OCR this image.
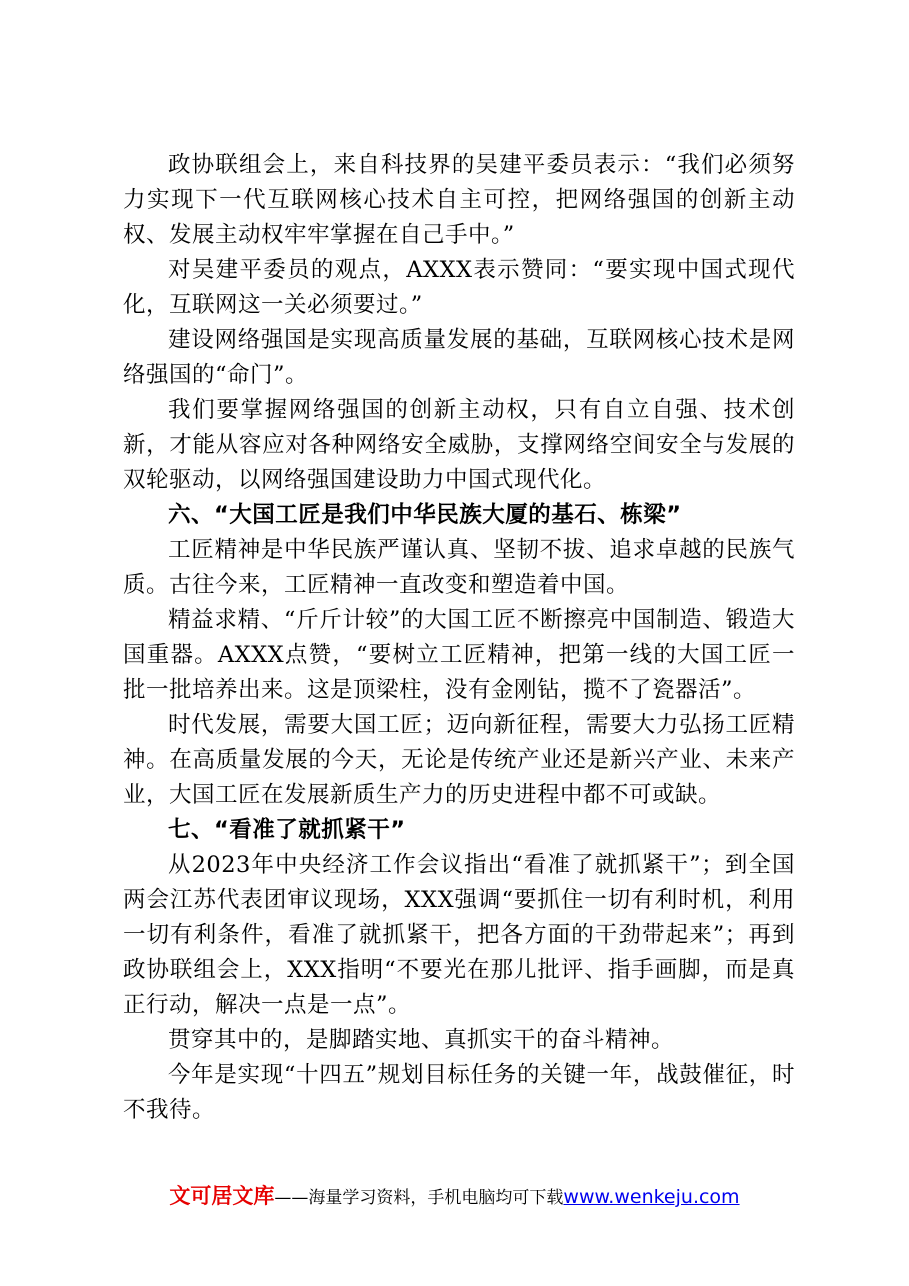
政协联组会上，来自科技界的吴建平委员表示：“我们必须努力实现下一代互联网核心技术自主可控，把网络强国的创新主动权、发展主动权牢牢掌握在自己手中。”

对吴建平委员的观点，AXXX表示赞同：“要实现中国式现代化，互联网这一关必须要过。”

建设网络强国是实现高质量发展的基础，互联网核心技术是网络强国的“命门”。

我们要掌握网络强国的创新主动权，只有自立自强、技术创新，才能从容应对各种网络安全威胁，支撑网络空间安全与发展的双轮驱动，以网络强国建设助力中国式现代化。

六、“大国工匠是我们中华民族大厦的基石、栋梁”

工匠精神是中华民族严谨认真、坚韧不拔、追求卓越的民族气质。古往今来，工匠精神一直改变和塑造着中国。

精益求精、“斤斤计较”的大国工匠不断擦亮中国制造、锻造大国重器。AXXX点赞，“要树立工匠精神，把第一线的大国工匠一批一批培养出来。这是顶梁柱，没有金刚钻，揽不了瓷器活”。

时代发展，需要大国工匠；迈向新征程，需要大力弘扬工匠精神。在高质量发展的今天，无论是传统产业还是新兴产业、未来产业，大国工匠在发展新质生产力的历史进程中都不可或缺。

七、“看准了就抓紧干”

从2023年中央经济工作会议指出“看准了就抓紧干”；到全国两会江苏代表团审议现场，XXX强调“要抓住一切有利时机，利用一切有利条件，看准了就抓紧干，把各方面的干劲带起来”；再到政协联组会上，XXX指明“不要光在那儿批评、指手画脚，而是真正行动，解决一点是一点”。

贯穿其中的，是脚踏实地、真抓实干的奋斗精神。

今年是实现“十四五”规划目标任务的关键一年，战鼓催征，时不我待。

文可居文库——海量学习资料，手机电脑均可下载www.wenkeju.com
